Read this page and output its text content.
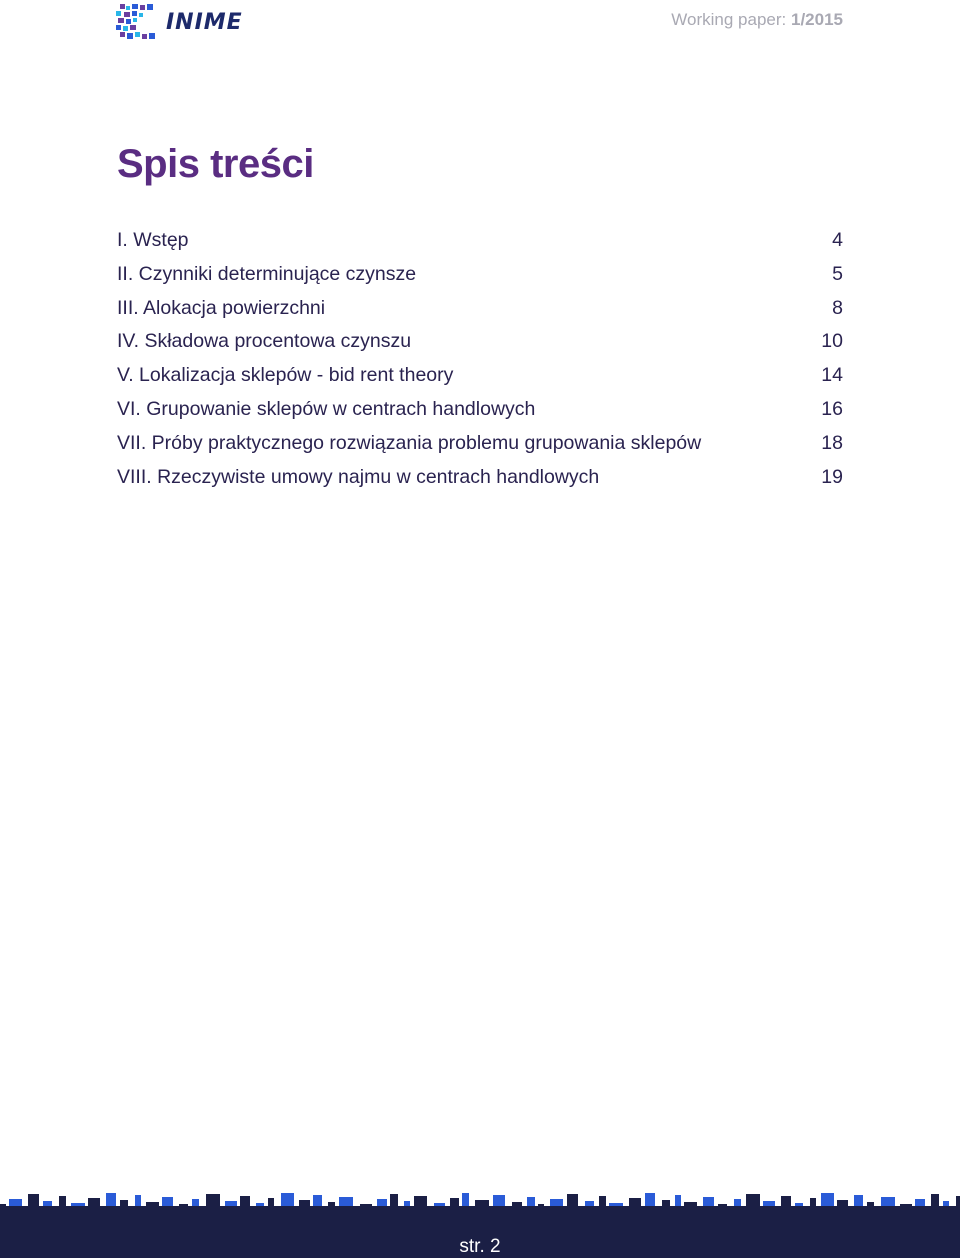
INIME	Working paper: 1/2015
Spis treści
I. Wstęp	4
II. Czynniki determinujące czynsze	5
III. Alokacja powierzchni	8
IV. Składowa procentowa czynszu	10
V. Lokalizacja sklepów - bid rent theory	14
VI. Grupowanie sklepów w centrach handlowych	16
VII. Próby praktycznego rozwiązania problemu grupowania sklepów	18
VIII. Rzeczywiste umowy najmu w centrach handlowych	19
str. 2
